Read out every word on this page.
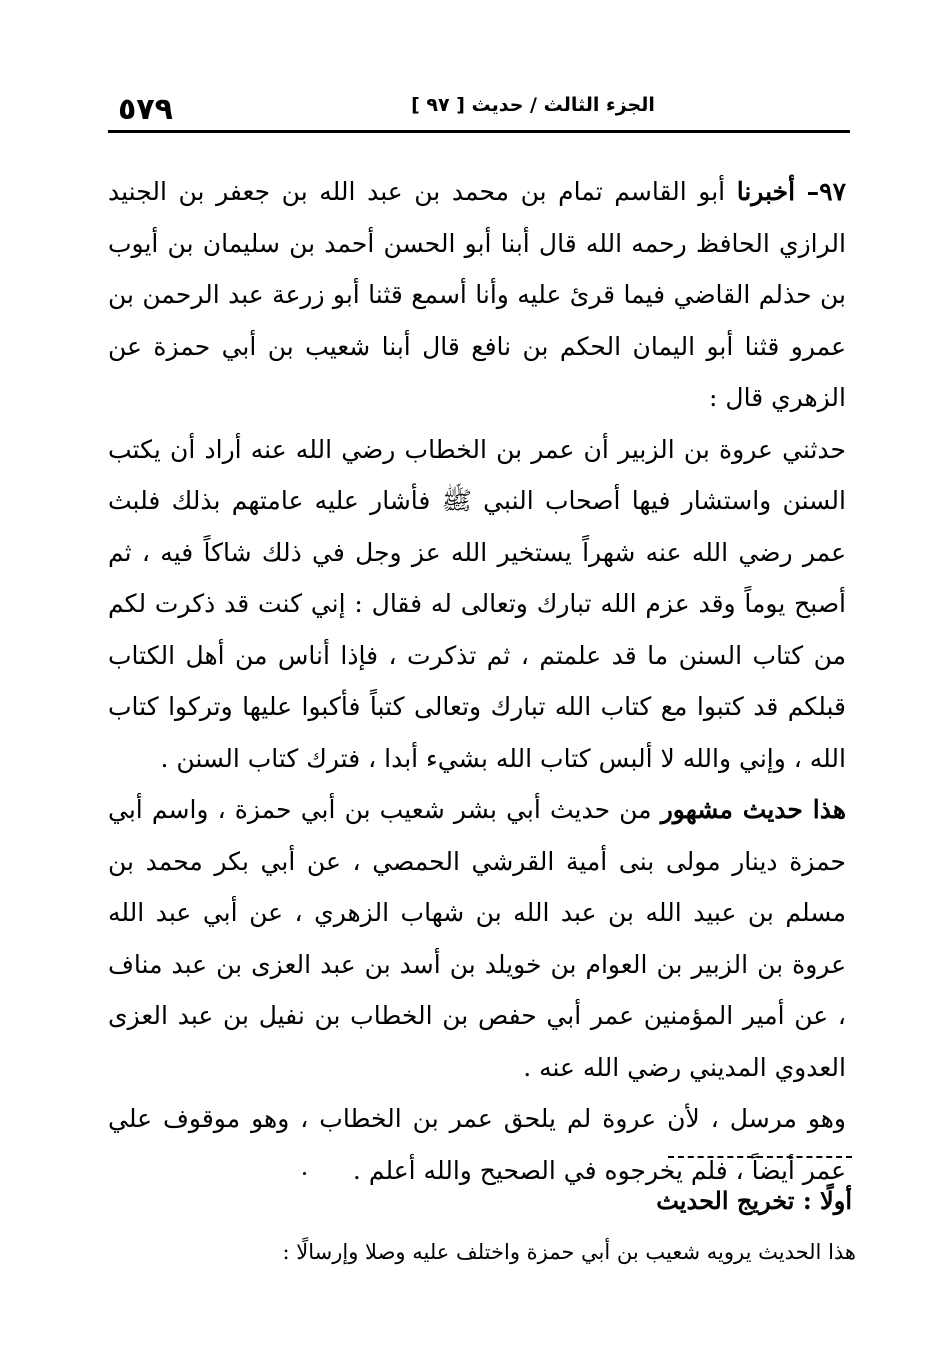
٥٧٩	الجزء الثالث / حديث [ ٩٧ ]

٩٧– أخبرنا أبو القاسم تمام بن محمد بن عبد الله بن جعفر بن الجنيد الرازي الحافظ رحمه الله قال أبنا أبو الحسن أحمد بن سليمان بن أيوب بن حذلم القاضي فيما قرئ عليه وأنا أسمع قثنا أبو زرعة عبد الرحمن بن عمرو قثنا أبو اليمان الحكم بن نافع قال أبنا شعيب بن أبي حمزة عن الزهري قال :

حدثني عروة بن الزبير أن عمر بن الخطاب رضي الله عنه أراد أن يكتب السنن واستشار فيها أصحاب النبي ﷺ فأشار عليه عامتهم بذلك فلبث عمر رضي الله عنه شهراً يستخير الله عز وجل في ذلك شاكاً فيه ، ثم أصبح يوماً وقد عزم الله تبارك وتعالى له فقال : إني كنت قد ذكرت لكم من كتاب السنن ما قد علمتم ، ثم تذكرت ، فإذا أناس من أهل الكتاب قبلكم قد كتبوا مع كتاب الله تبارك وتعالى كتباً فأكبوا عليها وتركوا كتاب الله ، وإني والله لا ألبس كتاب الله بشيء أبدا ، فترك كتاب السنن .

هذا حديث مشهور من حديث أبي بشر شعيب بن أبي حمزة ، واسم أبي حمزة دينار مولى بنى أمية القرشي الحمصي ، عن أبي بكر محمد بن مسلم بن عبيد الله بن عبد الله بن شهاب الزهري ، عن أبي عبد الله عروة بن الزبير بن العوام بن خويلد بن أسد بن عبد العزى بن عبد مناف ، عن أمير المؤمنين عمر أبي حفص بن الخطاب بن نفيل بن عبد العزى العدوي المديني رضي الله عنه .

وهو مرسل ، لأن عروة لم يلحق عمر بن الخطاب ، وهو موقوف علي عمر أيضاً ، فلم يخرجوه في الصحيح والله أعلم .

أولًا : تخريج الحديث
هذا الحديث يرويه شعيب بن أبي حمزة واختلف عليه وصلا وإرسالًا :
